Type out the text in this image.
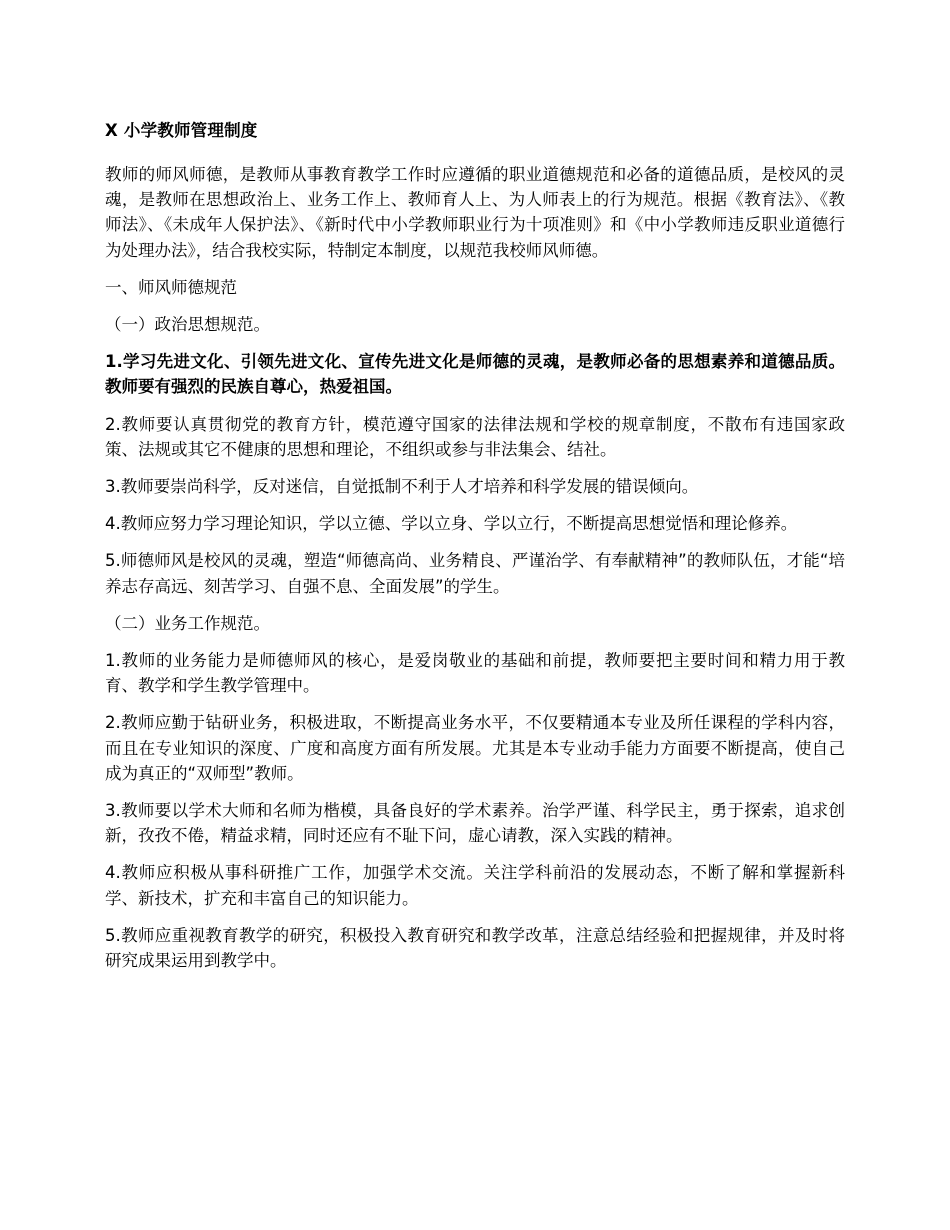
X 小学教师管理制度

教师的师风师德，是教师从事教育教学工作时应遵循的职业道德规范和必备的道德品质，是校风的灵魂，是教师在思想政治上、业务工作上、教师育人上、为人师表上的行为规范。根据《教育法》、《教师法》、《未成年人保护法》、《新时代中小学教师职业行为十项准则》和《中小学教师违反职业道德行为处理办法》，结合我校实际，特制定本制度，以规范我校师风师德。

一、师风师德规范

（一）政治思想规范。

1.学习先进文化、引领先进文化、宣传先进文化是师德的灵魂，是教师必备的思想素养和道德品质。教师要有强烈的民族自尊心，热爱祖国。

2.教师要认真贯彻党的教育方针，模范遵守国家的法律法规和学校的规章制度，不散布有违国家政策、法规或其它不健康的思想和理论，不组织或参与非法集会、结社。

3.教师要崇尚科学，反对迷信，自觉抵制不利于人才培养和科学发展的错误倾向。

4.教师应努力学习理论知识，学以立德、学以立身、学以立行，不断提高思想觉悟和理论修养。

5.师德师风是校风的灵魂，塑造“师德高尚、业务精良、严谨治学、有奉献精神”的教师队伍，才能“培养志存高远、刻苦学习、自强不息、全面发展”的学生。

（二）业务工作规范。

1.教师的业务能力是师德师风的核心，是爱岗敬业的基础和前提，教师要把主要时间和精力用于教育、教学和学生教学管理中。

2.教师应勤于钻研业务，积极进取，不断提高业务水平，不仅要精通本专业及所任课程的学科内容，而且在专业知识的深度、广度和高度方面有所发展。尤其是本专业动手能力方面要不断提高，使自己成为真正的“双师型”教师。

3.教师要以学术大师和名师为楷模，具备良好的学术素养。治学严谨、科学民主，勇于探索，追求创新，孜孜不倦，精益求精，同时还应有不耻下问，虚心请教，深入实践的精神。

4.教师应积极从事科研推广工作，加强学术交流。关注学科前沿的发展动态，不断了解和掌握新科学、新技术，扩充和丰富自己的知识能力。

5.教师应重视教育教学的研究，积极投入教育研究和教学改革，注意总结经验和把握规律，并及时将研究成果运用到教学中。
